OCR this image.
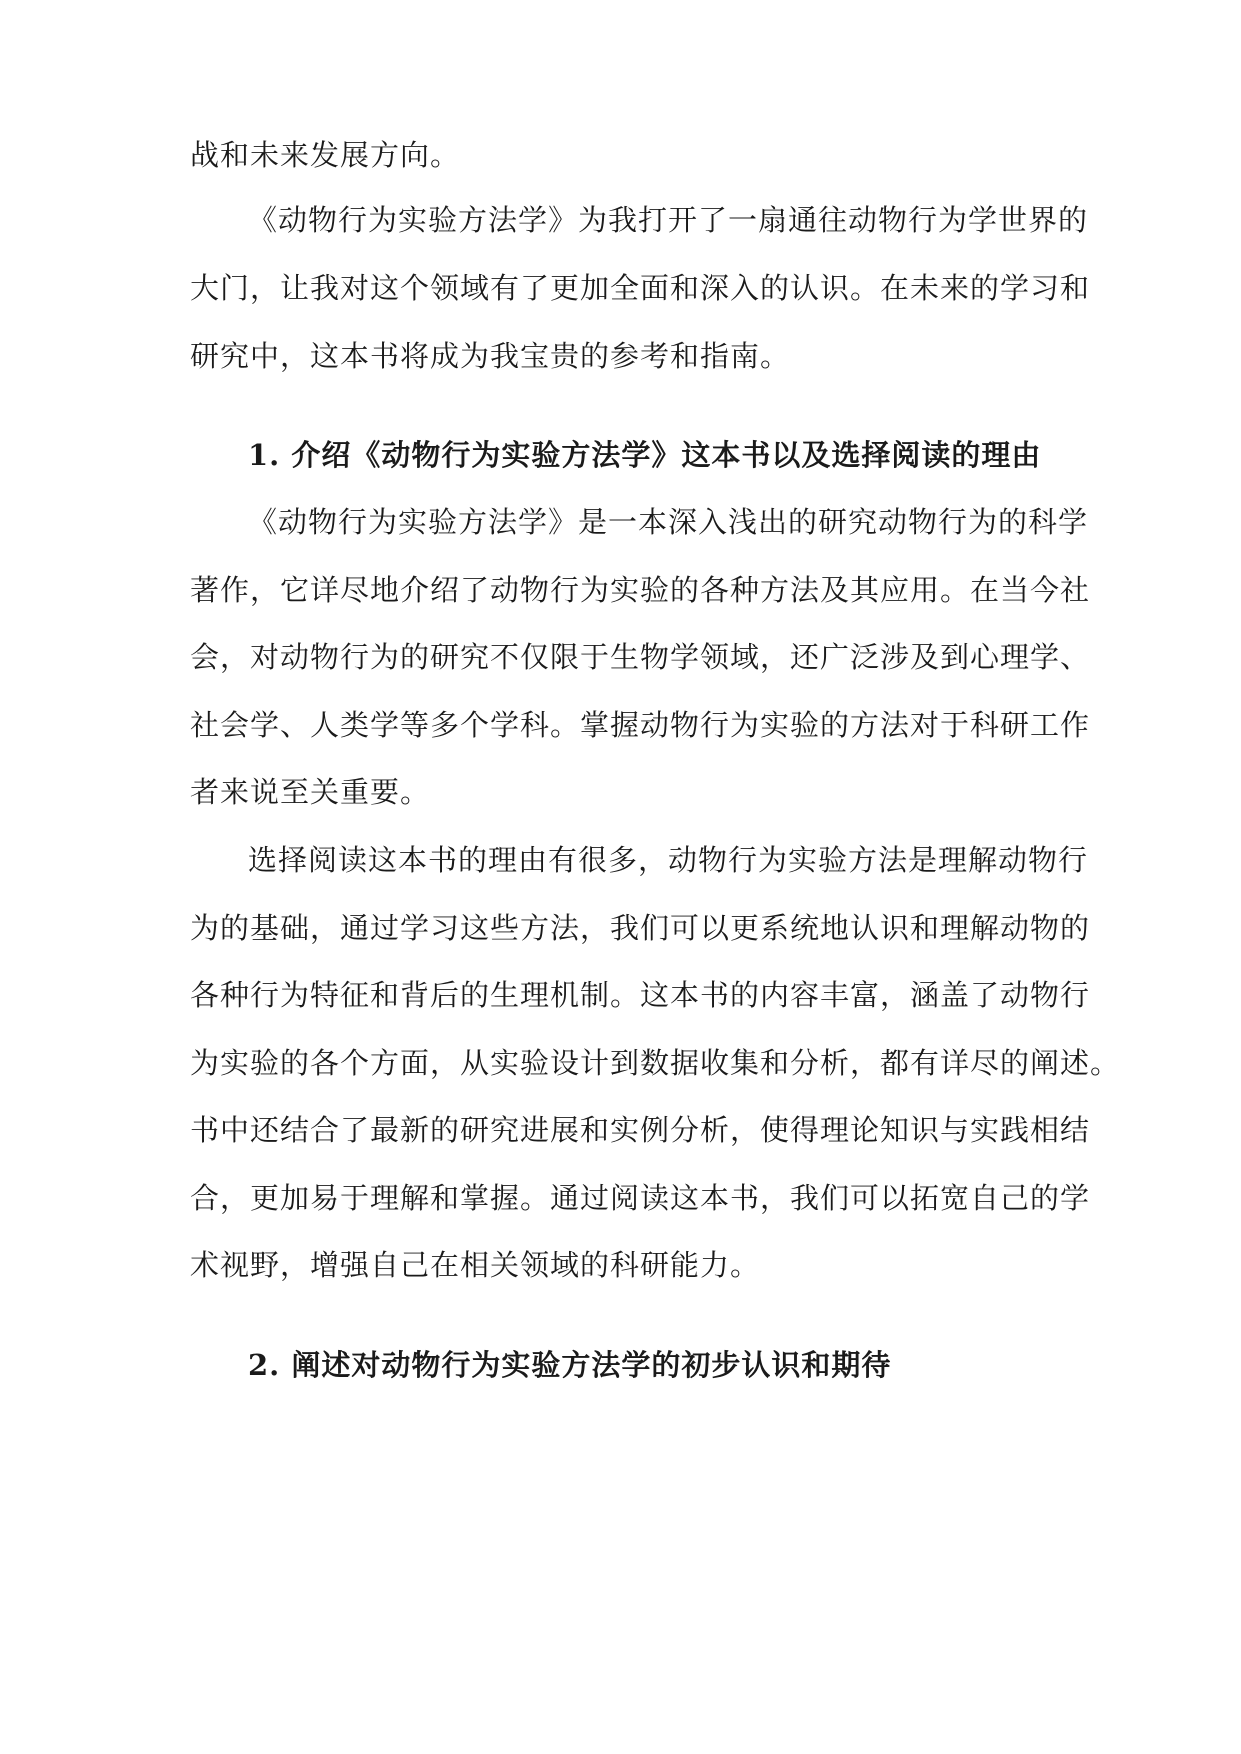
战和未来发展方向。
《动物行为实验方法学》为我打开了一扇通往动物行为学世界的
大门，让我对这个领域有了更加全面和深入的认识。在未来的学习和
研究中，这本书将成为我宝贵的参考和指南。
1. 介绍《动物行为实验方法学》这本书以及选择阅读的理由
《动物行为实验方法学》是一本深入浅出的研究动物行为的科学
著作，它详尽地介绍了动物行为实验的各种方法及其应用。在当今社
会，对动物行为的研究不仅限于生物学领域，还广泛涉及到心理学、
社会学、人类学等多个学科。掌握动物行为实验的方法对于科研工作
者来说至关重要。
选择阅读这本书的理由有很多，动物行为实验方法是理解动物行
为的基础，通过学习这些方法，我们可以更系统地认识和理解动物的
各种行为特征和背后的生理机制。这本书的内容丰富，涵盖了动物行
为实验的各个方面，从实验设计到数据收集和分析，都有详尽的阐述。
书中还结合了最新的研究进展和实例分析，使得理论知识与实践相结
合，更加易于理解和掌握。通过阅读这本书，我们可以拓宽自己的学
术视野，增强自己在相关领域的科研能力。
2. 阐述对动物行为实验方法学的初步认识和期待
